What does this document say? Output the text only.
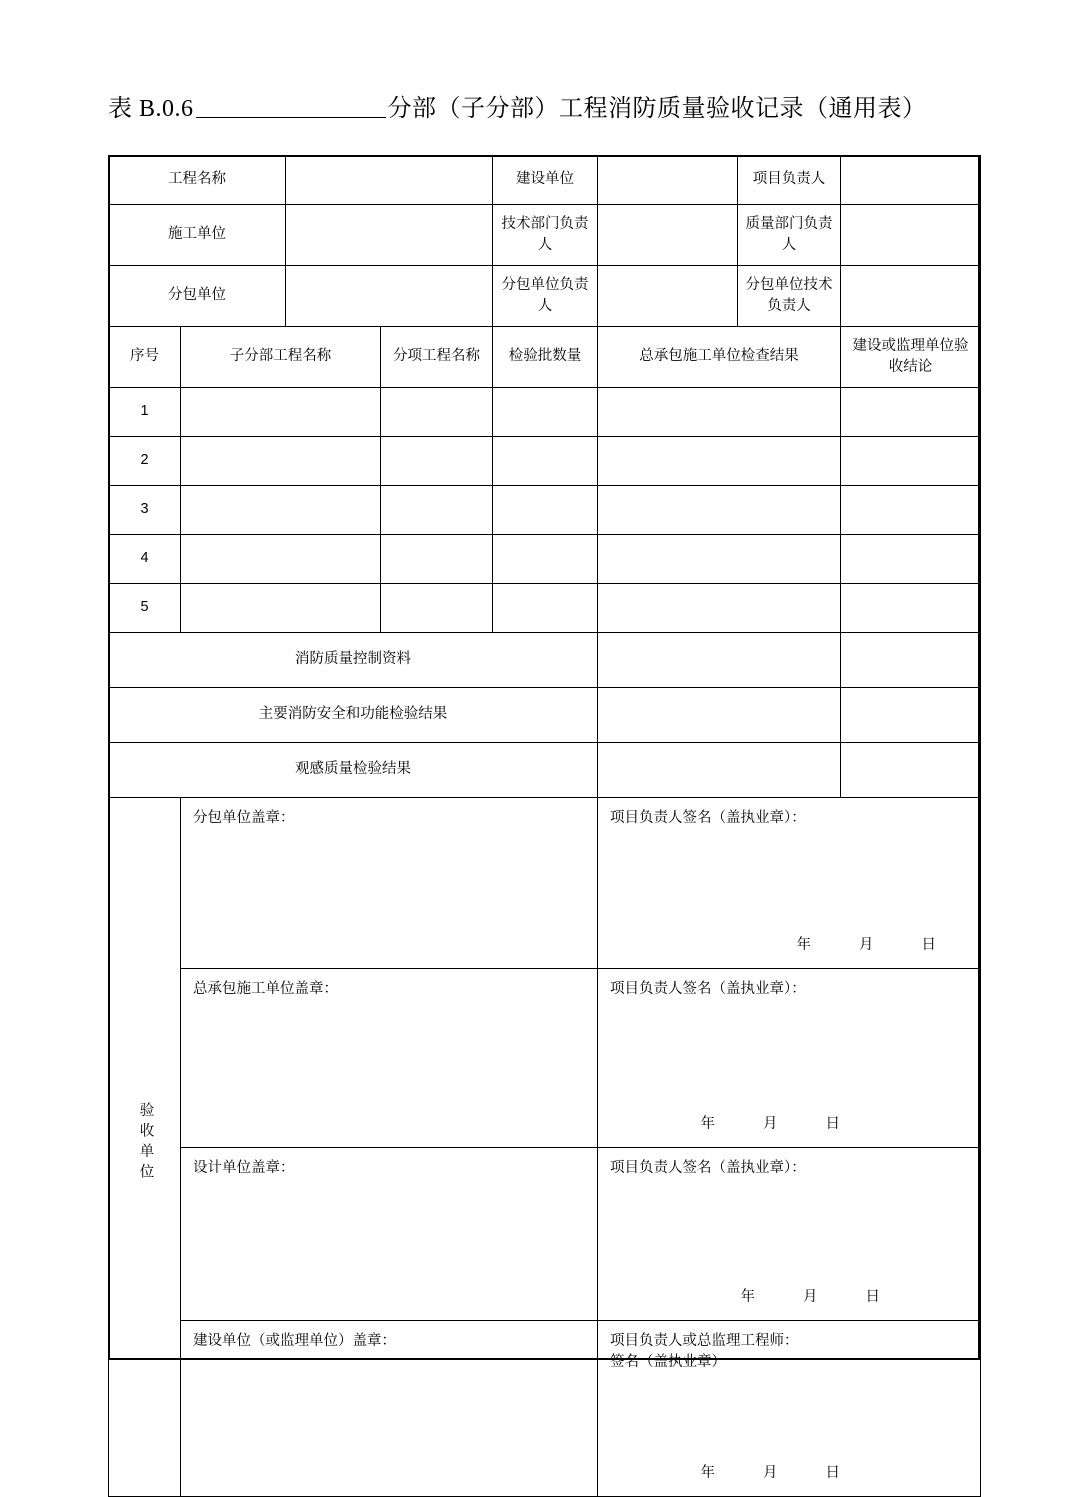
表 B.0.6	分部（子分部）工程消防质量验收记录（通用表）
工程名称				建设单位		项目负责人	
施工单位				技术部门负责人		质量部门负责人	
分包单位				分包单位负责人		分包单位技术负责人	
序号	子分部工程名称		分项工程名称	检验批数量	总承包施工单位检查结果		建设或监理单位验收结论
1							
2							
3							
4							
5							
消防质量控制资料							
主要消防安全和功能检验结果							
观感质量检验结果							
验收单位	分包单位盖章：				项目负责人签名（盖执业章）：
年 月 日		

	总承包施工单位盖章：				项目负责人签名（盖执业章）：
年 月 日		

	设计单位盖章：				项目负责人签名（盖执业章）：
年 月 日		

	建设单位（或监理单位）盖章：				项目负责人或总监理工程师：
签名（盖执业章）
年 月 日		
